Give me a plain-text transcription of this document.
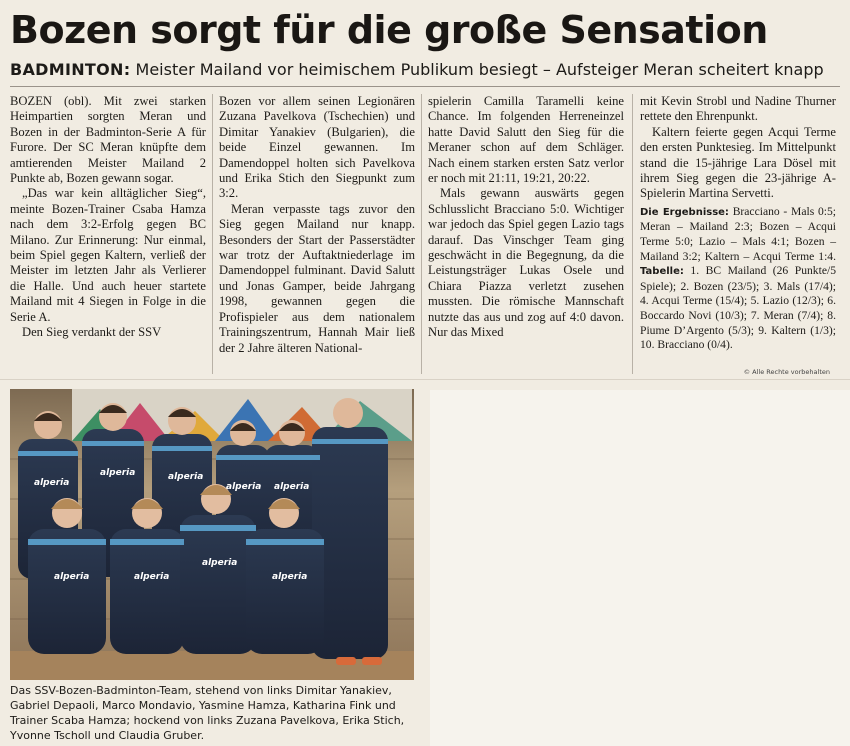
Bozen sorgt für die große Sensation
BADMINTON: Meister Mailand vor heimischem Publikum besiegt – Aufsteiger Meran scheitert knapp

BOZEN (obl). Mit zwei starken Heimpartien sorgten Meran und Bozen in der Badminton-Serie A für Furore. Der SC Meran knüpfte dem amtierenden Meister Mailand 2 Punkte ab, Bozen gewann sogar.

„Das war kein alltäglicher Sieg“, meinte Bozen-Trainer Csaba Hamza nach dem 3:2-Erfolg gegen BC Milano. Zur Erinnerung: Nur einmal, beim Spiel gegen Kaltern, verließ der Meister im letzten Jahr als Verlierer die Halle. Und auch heuer startete Mailand mit 4 Siegen in Folge in die Serie A.

Den Sieg verdankt der SSV

Bozen vor allem seinen Legionären Zuzana Pavelkova (Tschechien) und Dimitar Yanakiev (Bulgarien), die beide Einzel gewannen. Im Damendoppel holten sich Pavelkova und Erika Stich den Siegpunkt zum 3:2.

Meran verpasste tags zuvor den Sieg gegen Mailand nur knapp. Besonders der Start der Passerstädter war trotz der Auftaktniederlage im Damendoppel fulminant. David Salutt und Jonas Gamper, beide Jahrgang 1998, gewannen gegen die Profispieler aus dem nationalem Trainingszentrum, Hannah Mair ließ der 2 Jahre älteren National-

spielerin Camilla Taramelli keine Chance. Im folgenden Herreneinzel hatte David Salutt den Sieg für die Meraner schon auf dem Schläger. Nach einem starken ersten Satz verlor er noch mit 21:11, 19:21, 20:22.

Mals gewann auswärts gegen Schlusslicht Bracciano 5:0. Wichtiger war jedoch das Spiel gegen Lazio tags darauf. Das Vinschger Team ging geschwächt in die Begegnung, da die Leistungsträger Lukas Osele und Chiara Piazza verletzt zusehen mussten. Die römische Mannschaft nutzte das aus und zog auf 4:0 davon. Nur das Mixed

mit Kevin Strobl und Nadine Thurner rettete den Ehrenpunkt.

Kaltern feierte gegen Acqui Terme den ersten Punktesieg. Im Mittelpunkt stand die 15-jährige Lara Dösel mit ihrem Sieg gegen die 23-jährige A-Spielerin Martina Servetti.

Die Ergebnisse: Bracciano - Mals 0:5; Meran – Mailand 2:3; Bozen – Acqui Terme 5:0; Lazio – Mals 4:1; Bozen – Mailand 3:2; Kaltern – Acqui Terme 1:4. Tabelle: 1. BC Mailand (26 Punkte/5 Spiele); 2. Bozen (23/5); 3. Mals (17/4); 4. Acqui Terme (15/4); 5. Lazio (12/3); 6. Boccardo Novi (10/3); 7. Meran (7/4); 8. Piume D’Argento (5/3); 9. Kaltern (1/3); 10. Bracciano (0/4).
© Alle Rechte vorbehalten
alperia	alperia
alperia
alperia
alperia
alperia	alperia
alperia alperia
Das SSV-Bozen-Badminton-Team, stehend von links Dimitar Yanakiev, Gabriel Depaoli, Marco Mondavio, Yasmine Hamza, Katharina Fink und Trainer Scaba Hamza; hockend von links Zuzana Pavelkova, Erika Stich, Yvonne Tscholl und Claudia Gruber.
